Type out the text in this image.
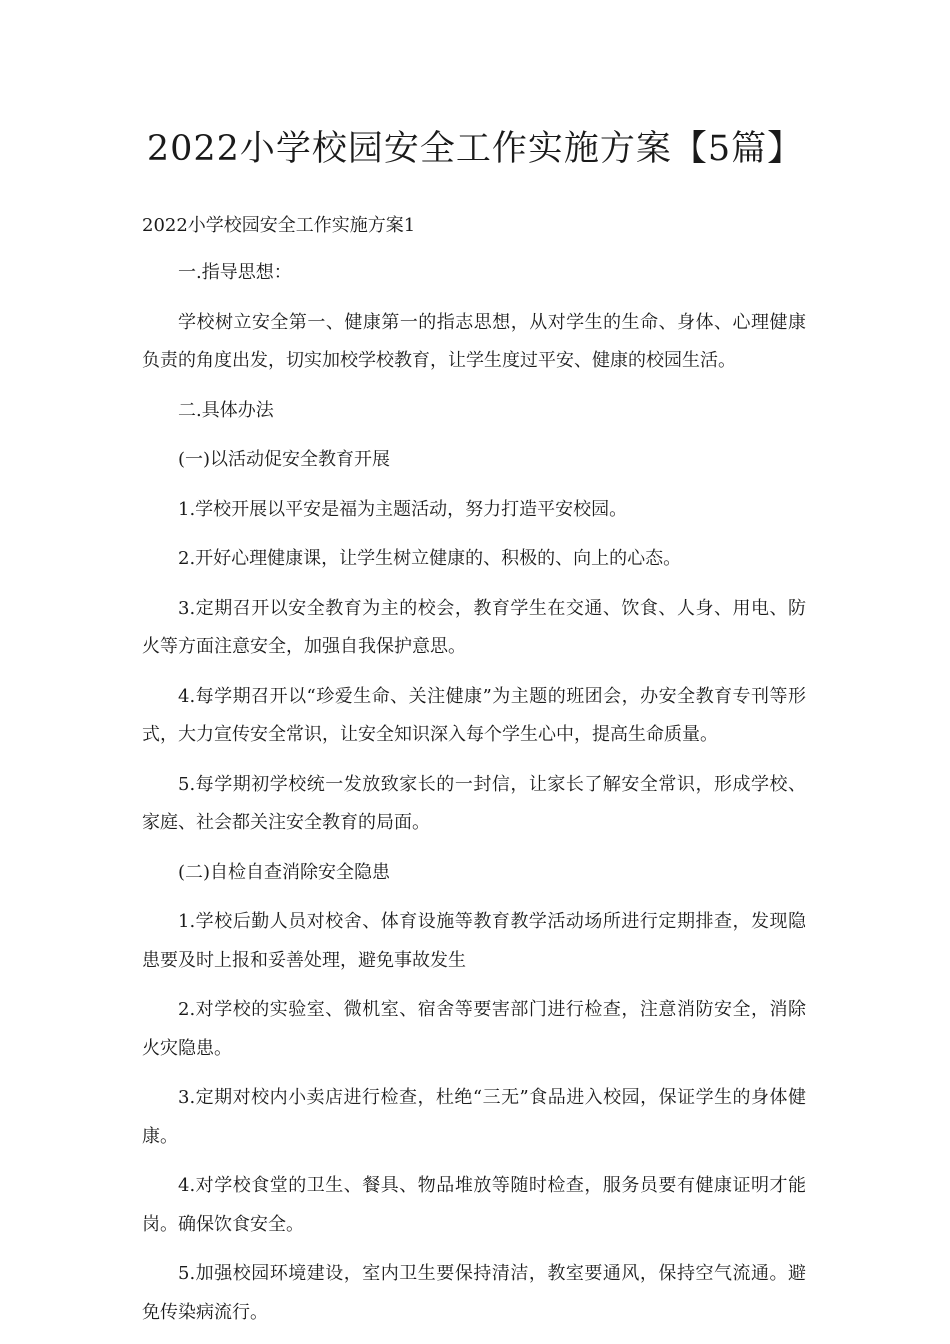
2022小学校园安全工作实施方案【5篇】
2022小学校园安全工作实施方案1

一.指导思想：

学校树立安全第一、健康第一的指志思想，从对学生的生命、身体、心理健康负责的角度出发，切实加校学校教育，让学生度过平安、健康的校园生活。

二.具体办法

(一)以活动促安全教育开展

1.学校开展以平安是福为主题活动，努力打造平安校园。

2.开好心理健康课，让学生树立健康的、积极的、向上的心态。

3.定期召开以安全教育为主的校会，教育学生在交通、饮食、人身、用电、防火等方面注意安全，加强自我保护意思。

4.每学期召开以“珍爱生命、关注健康”为主题的班团会，办安全教育专刊等形式，大力宣传安全常识，让安全知识深入每个学生心中，提高生命质量。

5.每学期初学校统一发放致家长的一封信，让家长了解安全常识，形成学校、家庭、社会都关注安全教育的局面。

(二)自检自查消除安全隐患

1.学校后勤人员对校舍、体育设施等教育教学活动场所进行定期排查，发现隐患要及时上报和妥善处理，避免事故发生

2.对学校的实验室、微机室、宿舍等要害部门进行检查，注意消防安全，消除火灾隐患。

3.定期对校内小卖店进行检查，杜绝“三无”食品进入校园，保证学生的身体健康。

4.对学校食堂的卫生、餐具、物品堆放等随时检查，服务员要有健康证明才能岗。确保饮食安全。

5.加强校园环境建设，室内卫生要保持清洁，教室要通风，保持空气流通。避免传染病流行。
